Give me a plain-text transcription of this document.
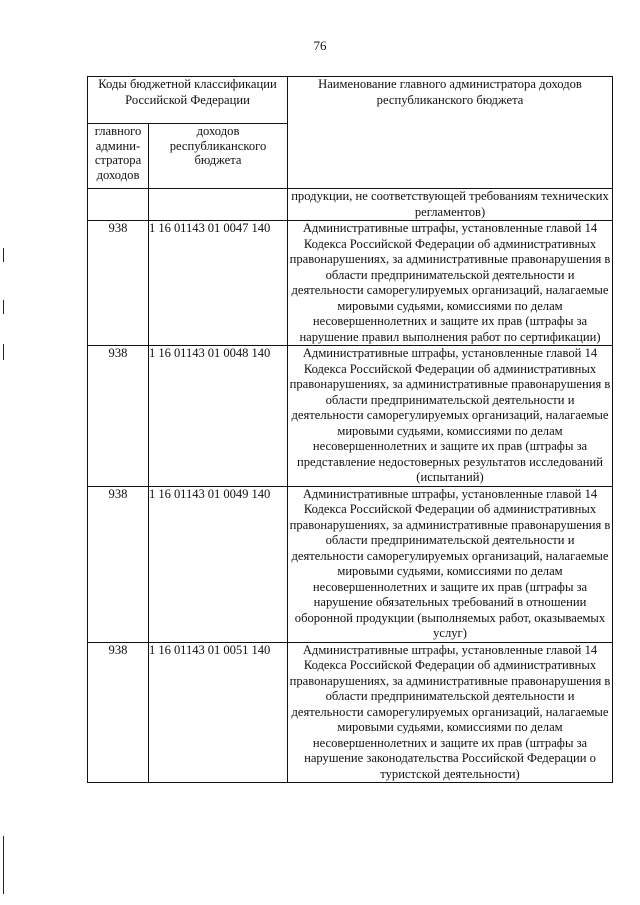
76
Коды бюджетной классификации Российской Федерации		Наименование главного администратора доходов республиканского бюджета
главного админи-стратора доходов	доходов республиканского бюджета	
		продукции, не соответствующей требованиям технических регламентов)
938	1 16 01143 01 0047 140	Административные штрафы, установленные главой 14 Кодекса Российской Федерации об административных правонарушениях, за административные правонарушения в области предпринимательской деятельности и деятельности саморегулируемых организаций, налагаемые мировыми судьями, комиссиями по делам несовершеннолетних и защите их прав (штрафы за нарушение правил выполнения работ по сертификации)
938	1 16 01143 01 0048 140	Административные штрафы, установленные главой 14 Кодекса Российской Федерации об административных правонарушениях, за административные правонарушения в области предпринимательской деятельности и деятельности саморегулируемых организаций, налагаемые мировыми судьями, комиссиями по делам несовершеннолетних и защите их прав (штрафы за представление недостоверных результатов исследований (испытаний)
938	1 16 01143 01 0049 140	Административные штрафы, установленные главой 14 Кодекса Российской Федерации об административных правонарушениях, за административные правонарушения в области предпринимательской деятельности и деятельности саморегулируемых организаций, налагаемые мировыми судьями, комиссиями по делам несовершеннолетних и защите их прав (штрафы за нарушение обязательных требований в отношении оборонной продукции (выполняемых работ, оказываемых услуг)
938	1 16 01143 01 0051 140	Административные штрафы, установленные главой 14 Кодекса Российской Федерации об административных правонарушениях, за административные правонарушения в области предпринимательской деятельности и деятельности саморегулируемых организаций, налагаемые мировыми судьями, комиссиями по делам несовершеннолетних и защите их прав (штрафы за нарушение законодательства Российской Федерации о туристской деятельности)
